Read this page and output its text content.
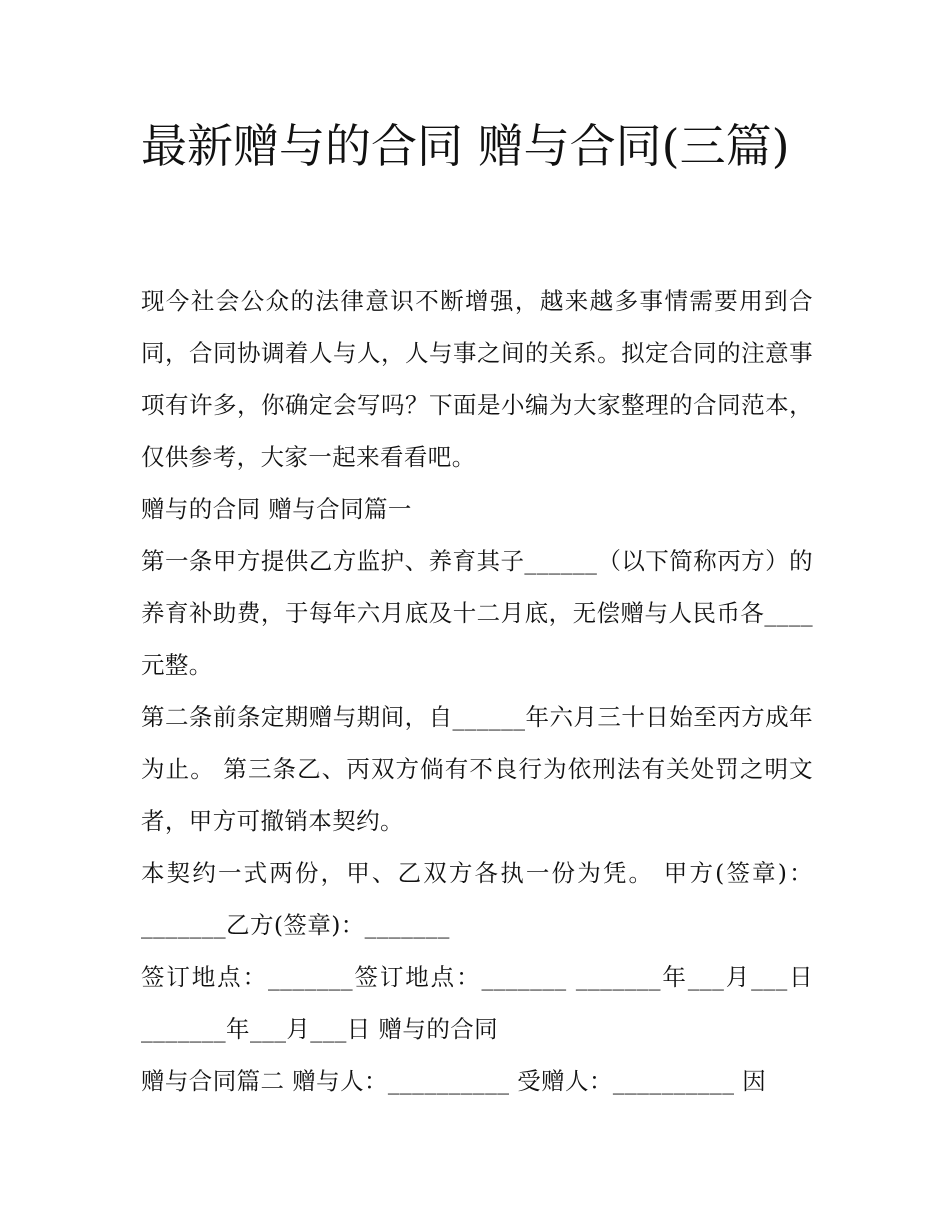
最新赠与的合同 赠与合同(三篇)

现今社会公众的法律意识不断增强，越来越多事情需要用到合同，合同协调着人与人，人与事之间的关系。拟定合同的注意事项有许多，你确定会写吗？下面是小编为大家整理的合同范本，仅供参考，大家一起来看看吧。

赠与的合同 赠与合同篇一

第一条甲方提供乙方监护、养育其子______（以下简称丙方）的养育补助费，于每年六月底及十二月底，无偿赠与人民币各____元整。

第二条前条定期赠与期间，自______年六月三十日始至丙方成年为止。 第三条乙、丙双方倘有不良行为依刑法有关处罚之明文者，甲方可撤销本契约。

本契约一式两份，甲、乙双方各执一份为凭。 甲方(签章)：_______乙方(签章)：_______

签订地点：_______签订地点：_______ _______年___月___日 _______年___月___日 赠与的合同

赠与合同篇二 赠与人：__________ 受赠人：__________ 因
